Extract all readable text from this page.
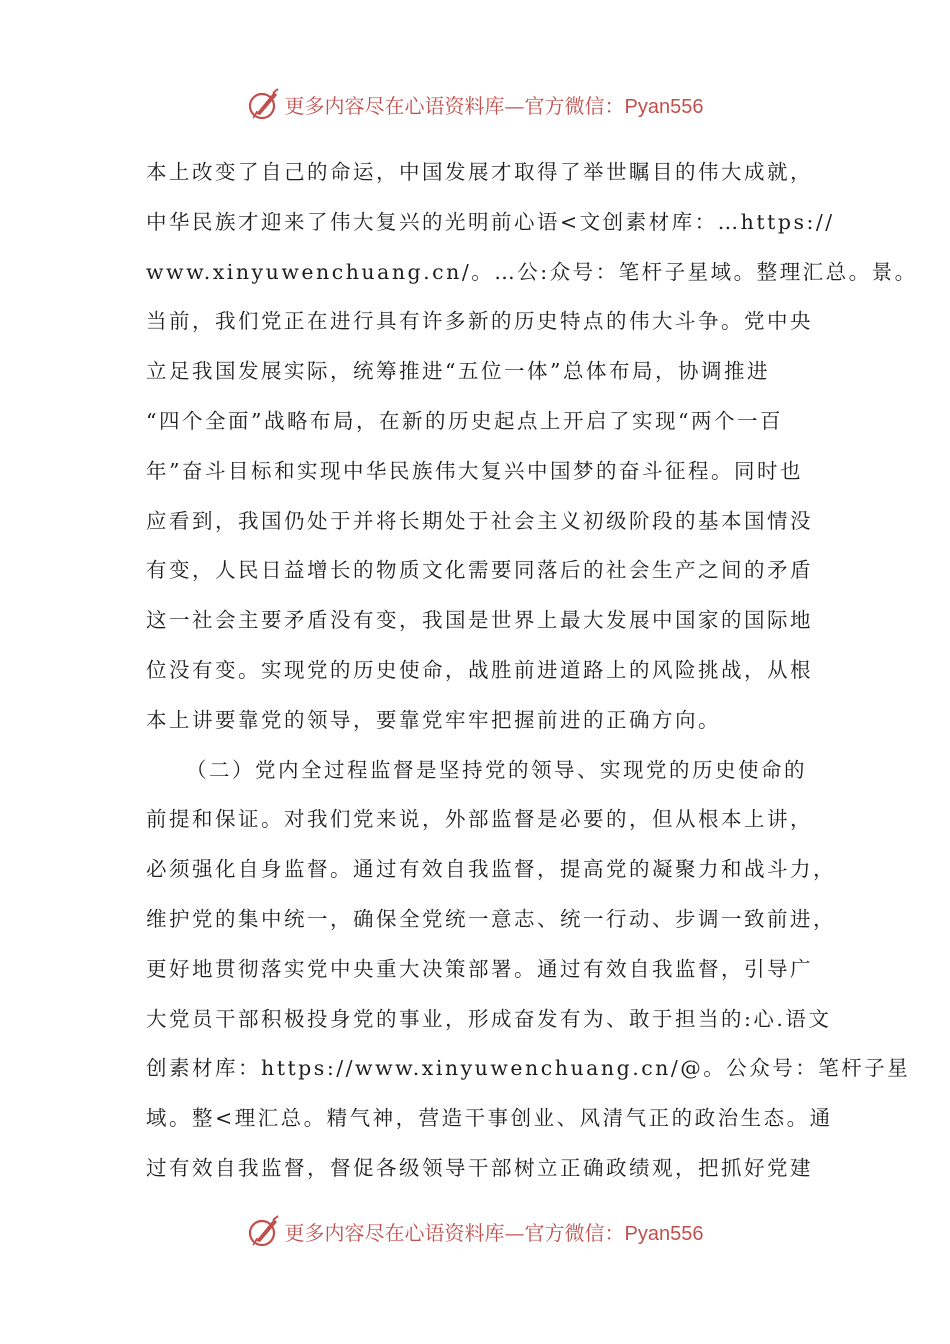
更多内容尽在心语资料库—官方微信：Pyan556
本上改变了自己的命运，中国发展才取得了举世瞩目的伟大成就，
中华民族才迎来了伟大复兴的光明前心语<文创素材库：…https://
www.xinyuwenchuang.cn/。…公:众号：笔杆子星域。整理汇总。景。
当前，我们党正在进行具有许多新的历史特点的伟大斗争。党中央
立足我国发展实际，统筹推进“五位一体”总体布局，协调推进
“四个全面”战略布局，在新的历史起点上开启了实现“两个一百
年”奋斗目标和实现中华民族伟大复兴中国梦的奋斗征程。同时也
应看到，我国仍处于并将长期处于社会主义初级阶段的基本国情没
有变，人民日益增长的物质文化需要同落后的社会生产之间的矛盾
这一社会主要矛盾没有变，我国是世界上最大发展中国家的国际地
位没有变。实现党的历史使命，战胜前进道路上的风险挑战，从根
本上讲要靠党的领导，要靠党牢牢把握前进的正确方向。
（二）党内全过程监督是坚持党的领导、实现党的历史使命的
前提和保证。对我们党来说，外部监督是必要的，但从根本上讲，
必须强化自身监督。通过有效自我监督，提高党的凝聚力和战斗力，
维护党的集中统一，确保全党统一意志、统一行动、步调一致前进，
更好地贯彻落实党中央重大决策部署。通过有效自我监督，引导广
大党员干部积极投身党的事业，形成奋发有为、敢于担当的:心.语文
创素材库：https://www.xinyuwenchuang.cn/@。公众号：笔杆子星
域。整<理汇总。精气神，营造干事创业、风清气正的政治生态。通
过有效自我监督，督促各级领导干部树立正确政绩观，把抓好党建
更多内容尽在心语资料库—官方微信：Pyan556
